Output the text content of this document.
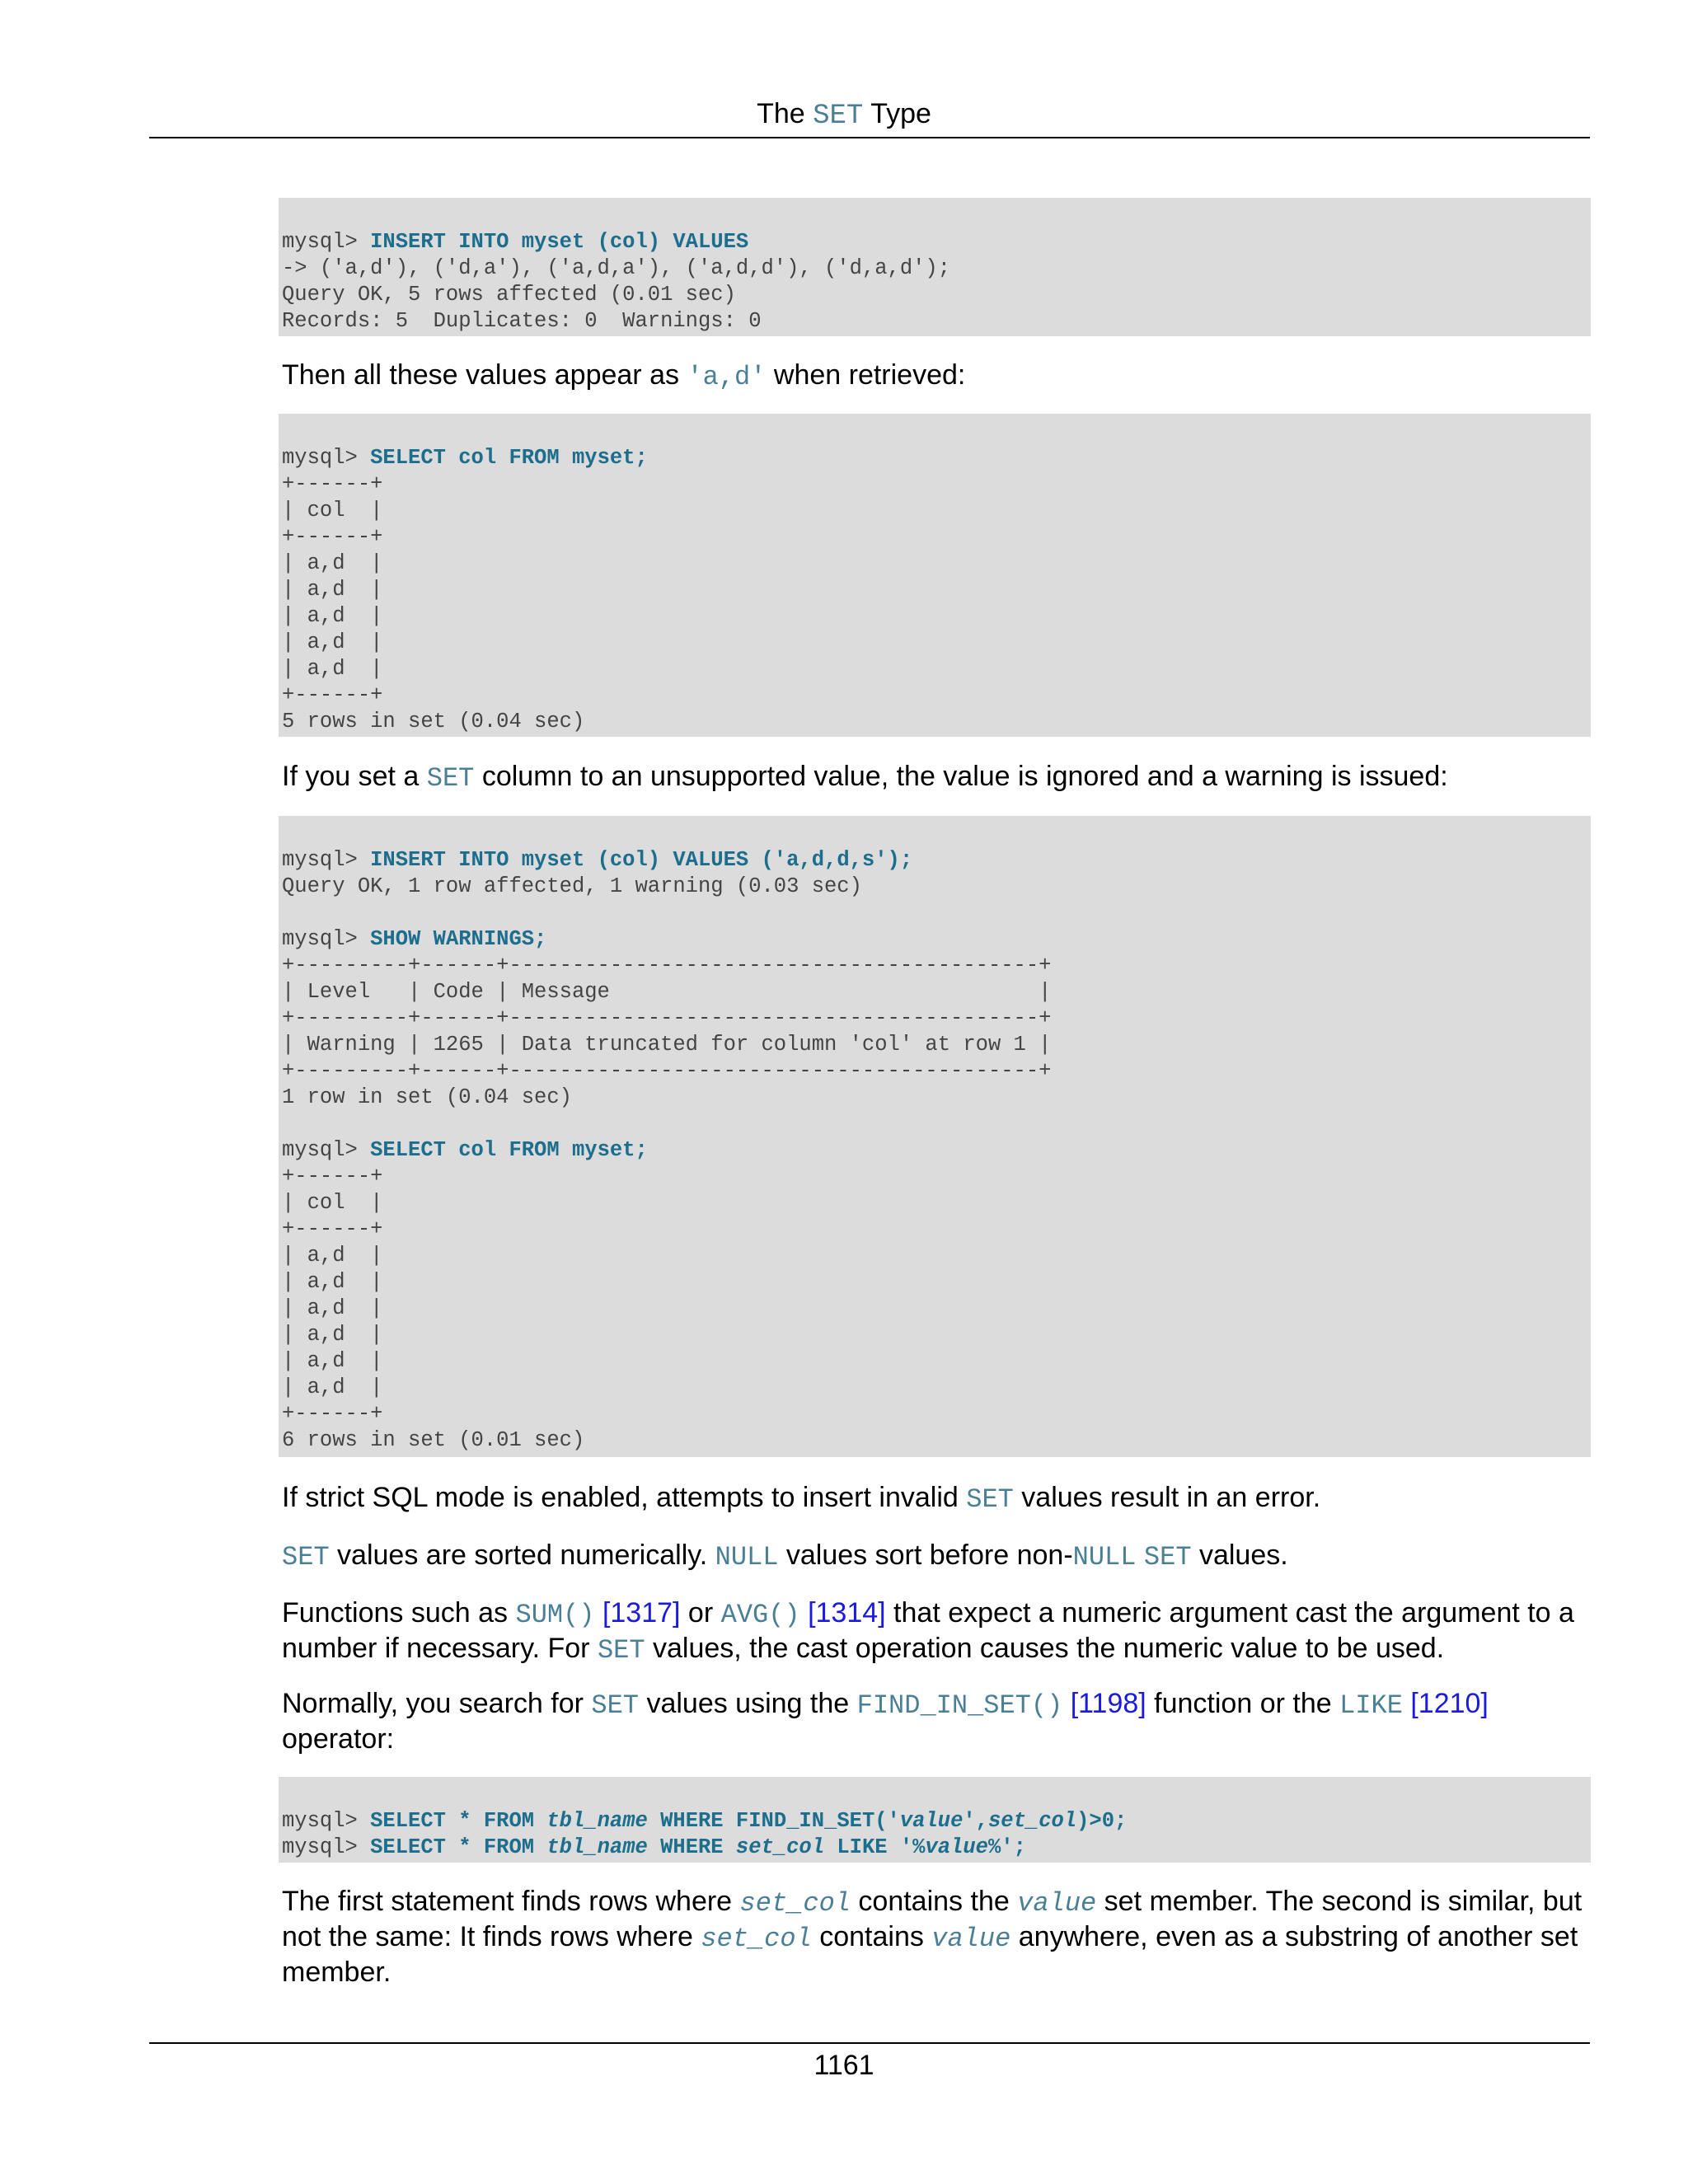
The SET Type
mysql> INSERT INTO myset (col) VALUES
-> ('a,d'), ('d,a'), ('a,d,a'), ('a,d,d'), ('d,a,d');
Query OK, 5 rows affected (0.01 sec)
Records: 5  Duplicates: 0  Warnings: 0
Then all these values appear as 'a,d' when retrieved:
mysql> SELECT col FROM myset;
+------+
| col  |
+------+
| a,d  |
| a,d  |
| a,d  |
| a,d  |
| a,d  |
+------+
5 rows in set (0.04 sec)
If you set a SET column to an unsupported value, the value is ignored and a warning is issued:
mysql> INSERT INTO myset (col) VALUES ('a,d,d,s');
Query OK, 1 row affected, 1 warning (0.03 sec)

mysql> SHOW WARNINGS;
+---------+------+------------------------------------------+
| Level   | Code | Message                                  |
+---------+------+------------------------------------------+
| Warning | 1265 | Data truncated for column 'col' at row 1 |
+---------+------+------------------------------------------+
1 row in set (0.04 sec)

mysql> SELECT col FROM myset;
+------+
| col  |
+------+
| a,d  |
| a,d  |
| a,d  |
| a,d  |
| a,d  |
| a,d  |
+------+
6 rows in set (0.01 sec)
If strict SQL mode is enabled, attempts to insert invalid SET values result in an error.
SET values are sorted numerically. NULL values sort before non-NULL SET values.
Functions such as SUM() [1317] or AVG() [1314] that expect a numeric argument cast the argument to a number if necessary. For SET values, the cast operation causes the numeric value to be used.
Normally, you search for SET values using the FIND_IN_SET() [1198] function or the LIKE [1210] operator:
mysql> SELECT * FROM tbl_name WHERE FIND_IN_SET('value',set_col)>0;
mysql> SELECT * FROM tbl_name WHERE set_col LIKE '%value%';
The first statement finds rows where set_col contains the value set member. The second is similar, but not the same: It finds rows where set_col contains value anywhere, even as a substring of another set member.
1161
